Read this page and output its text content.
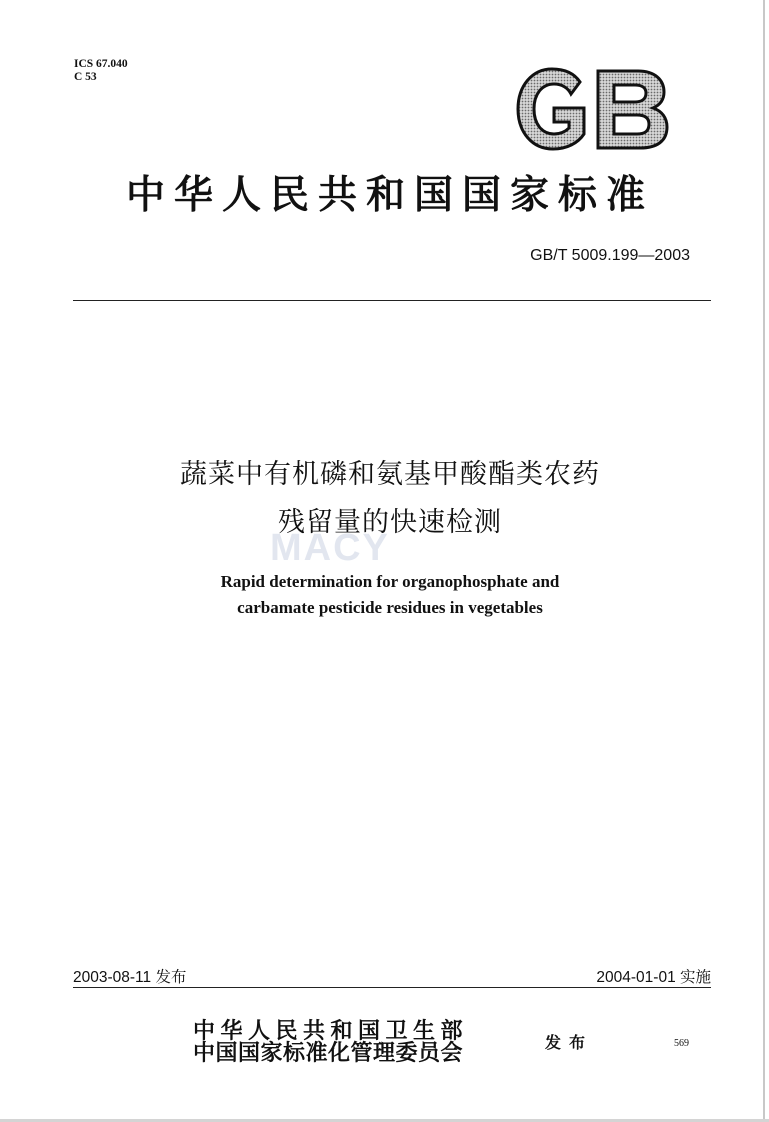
ICS 67.040
C 53
中华人民共和国国家标准
GB/T 5009.199—2003
蔬菜中有机磷和氨基甲酸酯类农药
残留量的快速检测
MACY
Rapid determination for organophosphate and
carbamate pesticide residues in vegetables
2003-08-11 发布	2004-01-01 实施
中华人民共和国卫生部
中国国家标准化管理委员会	发布	569
